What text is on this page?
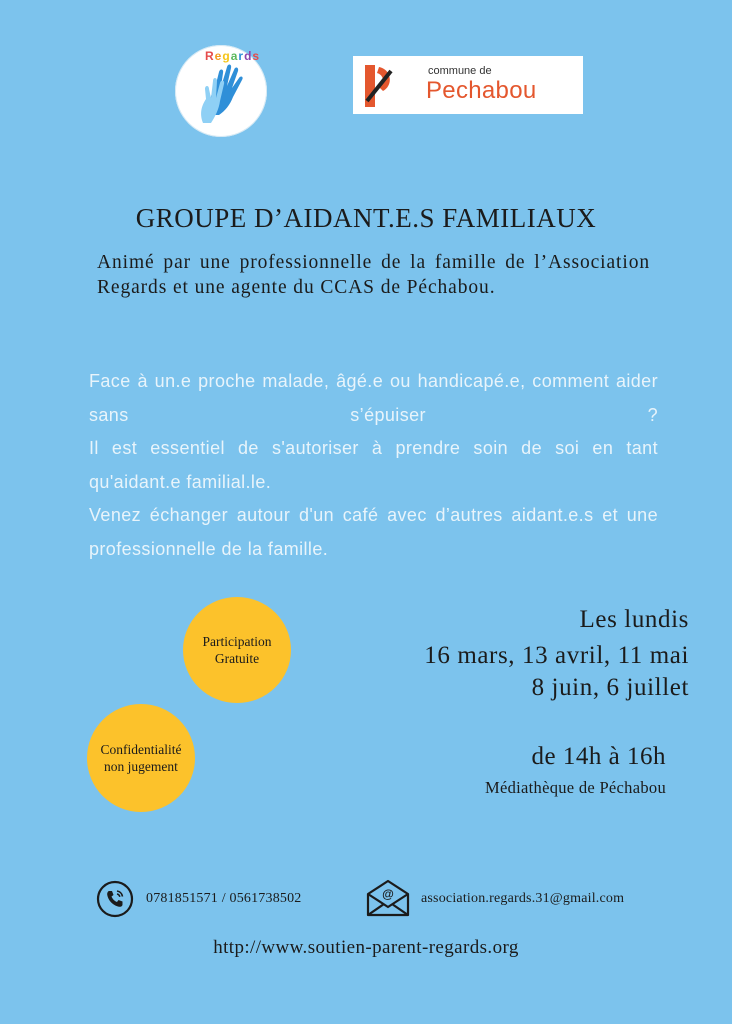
Regards
commune de
Pechabou
GROUPE D’AIDANT.E.S FAMILIAUX
Animé par une professionnelle de la famille de l’Association Regards et une agente du CCAS de Péchabou.

Face à un.e proche malade, âgé.e ou handicapé.e, comment aider sans s’épuiser ?

Il est essentiel de s'autoriser à prendre soin de soi en tant qu'aidant.e familial.le.

Venez échanger autour d'un café avec d’autres aidant.e.s et une professionnelle de la famille.

Participation
Gratuite
Confidentialité
non jugement
Les lundis
16 mars, 13 avril, 11 mai
8 juin, 6 juillet
de 14h à 16h
Médiathèque de Péchabou
0781851571 / 0561738502	@ association.regards.31@gmail.com
http://www.soutien-parent-regards.org
